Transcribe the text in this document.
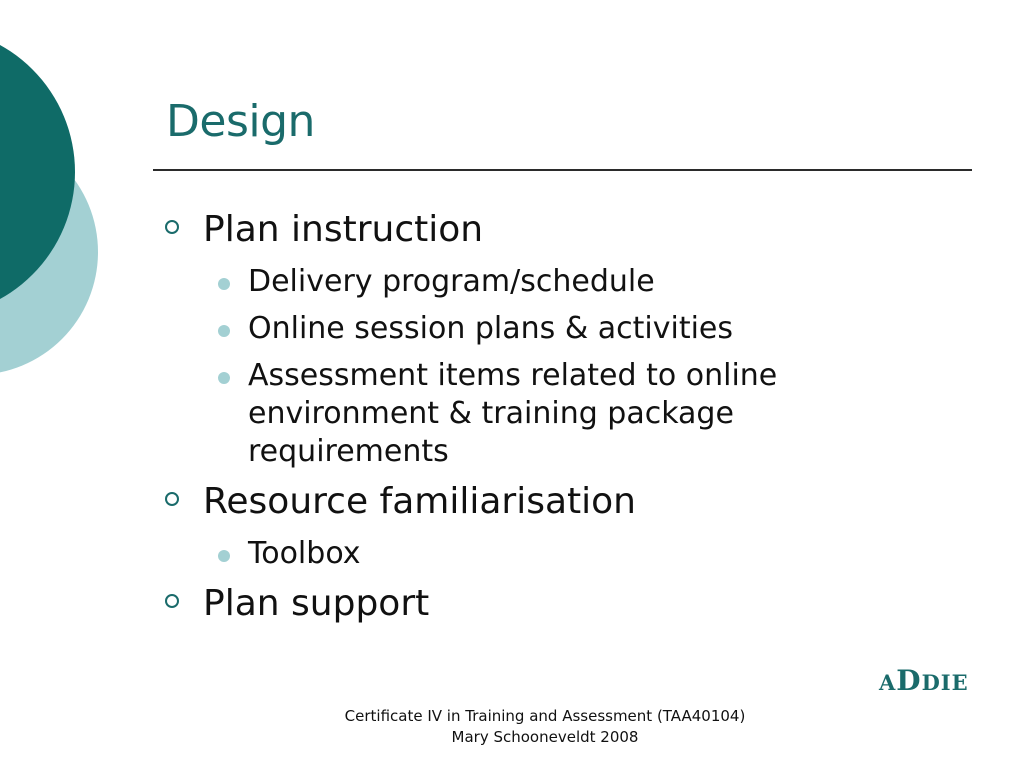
Design
Plan instruction
Delivery program/schedule
Online session plans & activities
Assessment items related to online environment & training package requirements
Resource familiarisation
Toolbox
Plan support
ADDIE
Certificate IV in Training and Assessment (TAA40104)
Mary Schooneveldt 2008
